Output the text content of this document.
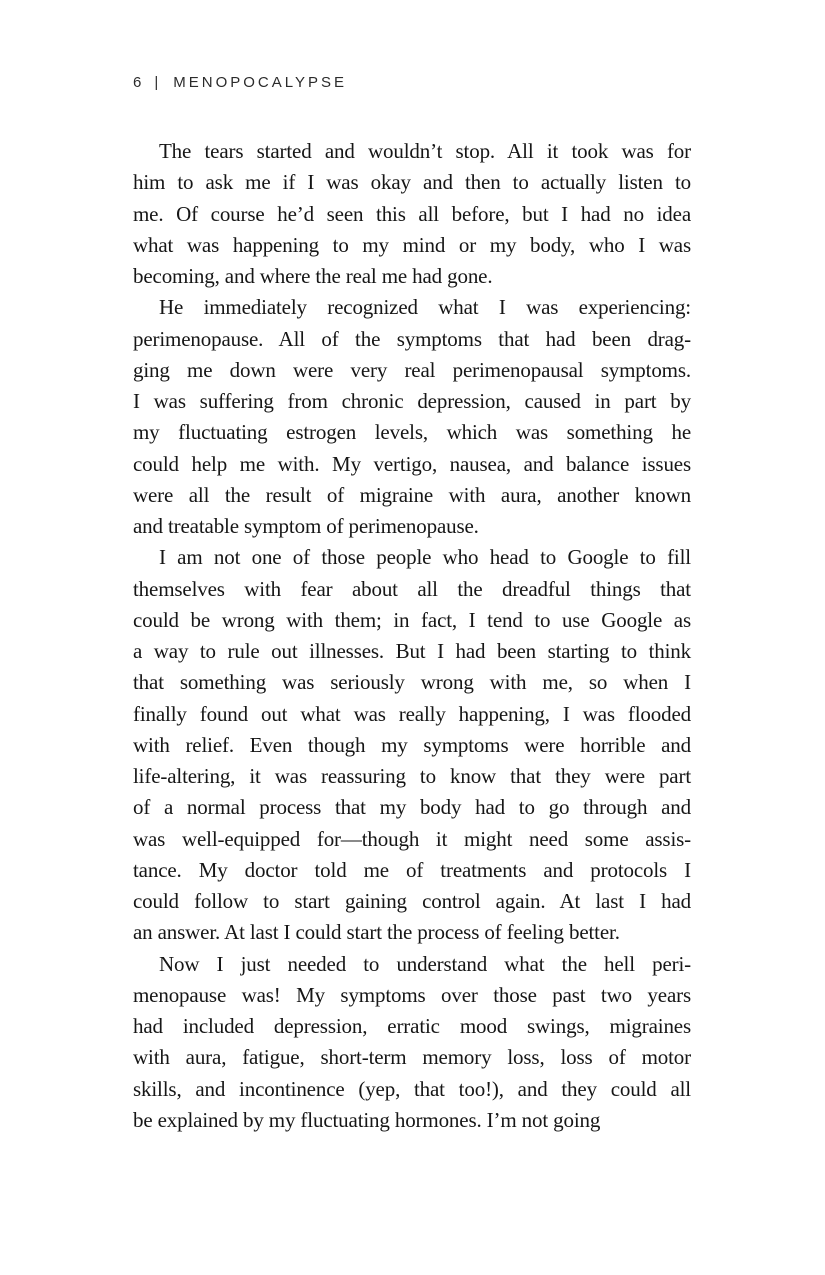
6 | MENOPOCALYPSE

The tears started and wouldn’t stop. All it took was for
him to ask me if I was okay and then to actually listen to
me. Of course he’d seen this all before, but I had no idea
what was happening to my mind or my body, who I was
becoming, and where the real me had gone.

He immediately recognized what I was experiencing:
perimenopause. All of the symptoms that had been drag-
ging me down were very real perimenopausal symptoms.
I was suffering from chronic depression, caused in part by
my fluctuating estrogen levels, which was something he
could help me with. My vertigo, nausea, and balance issues
were all the result of migraine with aura, another known
and treatable symptom of perimenopause.

I am not one of those people who head to Google to fill
themselves with fear about all the dreadful things that
could be wrong with them; in fact, I tend to use Google as
a way to rule out illnesses. But I had been starting to think
that something was seriously wrong with me, so when I
finally found out what was really happening, I was flooded
with relief. Even though my symptoms were horrible and
life-altering, it was reassuring to know that they were part
of a normal process that my body had to go through and
was well-equipped for—though it might need some assis-
tance. My doctor told me of treatments and protocols I
could follow to start gaining control again. At last I had
an answer. At last I could start the process of feeling better.

Now I just needed to understand what the hell peri-
menopause was! My symptoms over those past two years
had included depression, erratic mood swings, migraines
with aura, fatigue, short-term memory loss, loss of motor
skills, and incontinence (yep, that too!), and they could all
be explained by my fluctuating hormones. I’m not going
